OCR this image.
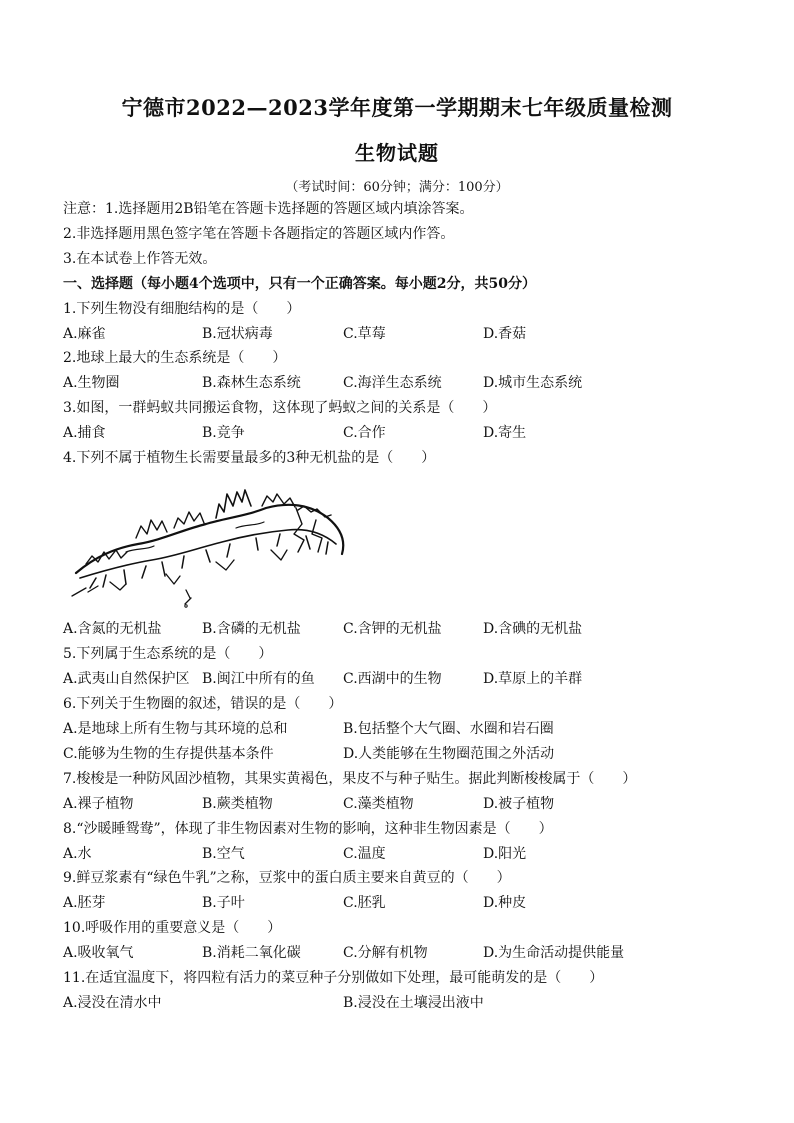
宁德市2022—2023学年度第一学期期末七年级质量检测
生物试题
（考试时间：60分钟；满分：100分）
注意：1.选择题用2B铅笔在答题卡选择题的答题区域内填涂答案。
2.非选择题用黑色签字笔在答题卡各题指定的答题区域内作答。
3.在本试卷上作答无效。
一、选择题（每小题4个选项中，只有一个正确答案。每小题2分，共50分）
1.下列生物没有细胞结构的是（　　）
A.麻雀	B.冠状病毒	C.草莓	D.香菇
2.地球上最大的生态系统是（　　）
A.生物圈	B.森林生态系统	C.海洋生态系统	D.城市生态系统
3.如图，一群蚂蚁共同搬运食物，这体现了蚂蚁之间的关系是（　　）
A.捕食	B.竞争	C.合作	D.寄生
4.下列不属于植物生长需要量最多的3种无机盐的是（　　）
A.含氮的无机盐	B.含磷的无机盐	C.含钾的无机盐	D.含碘的无机盐
5.下列属于生态系统的是（　　）
A.武夷山自然保护区 B.闽江中所有的鱼 C.西湖中的生物	D.草原上的羊群
6.下列关于生物圈的叙述，错误的是（　　）
A.是地球上所有生物与其环境的总和	B.包括整个大气圈、水圈和岩石圈
C.能够为生物的生存提供基本条件	D.人类能够在生物圈范围之外活动
7.梭梭是一种防风固沙植物，其果实黄褐色，果皮不与种子贴生。据此判断梭梭属于（　　）
A.裸子植物	B.蕨类植物	C.藻类植物	D.被子植物
8.“沙暖睡鸳鸯”，体现了非生物因素对生物的影响，这种非生物因素是（　　）
A.水	B.空气	C.温度	D.阳光
9.鲜豆浆素有“绿色牛乳”之称，豆浆中的蛋白质主要来自黄豆的（　　）
A.胚芽	B.子叶	C.胚乳	D.种皮
10.呼吸作用的重要意义是（　　）
A.吸收氧气	B.消耗二氧化碳	C.分解有机物	D.为生命活动提供能量
11.在适宜温度下，将四粒有活力的菜豆种子分别做如下处理，最可能萌发的是（　　）
A.浸没在清水中	B.浸没在土壤浸出液中
